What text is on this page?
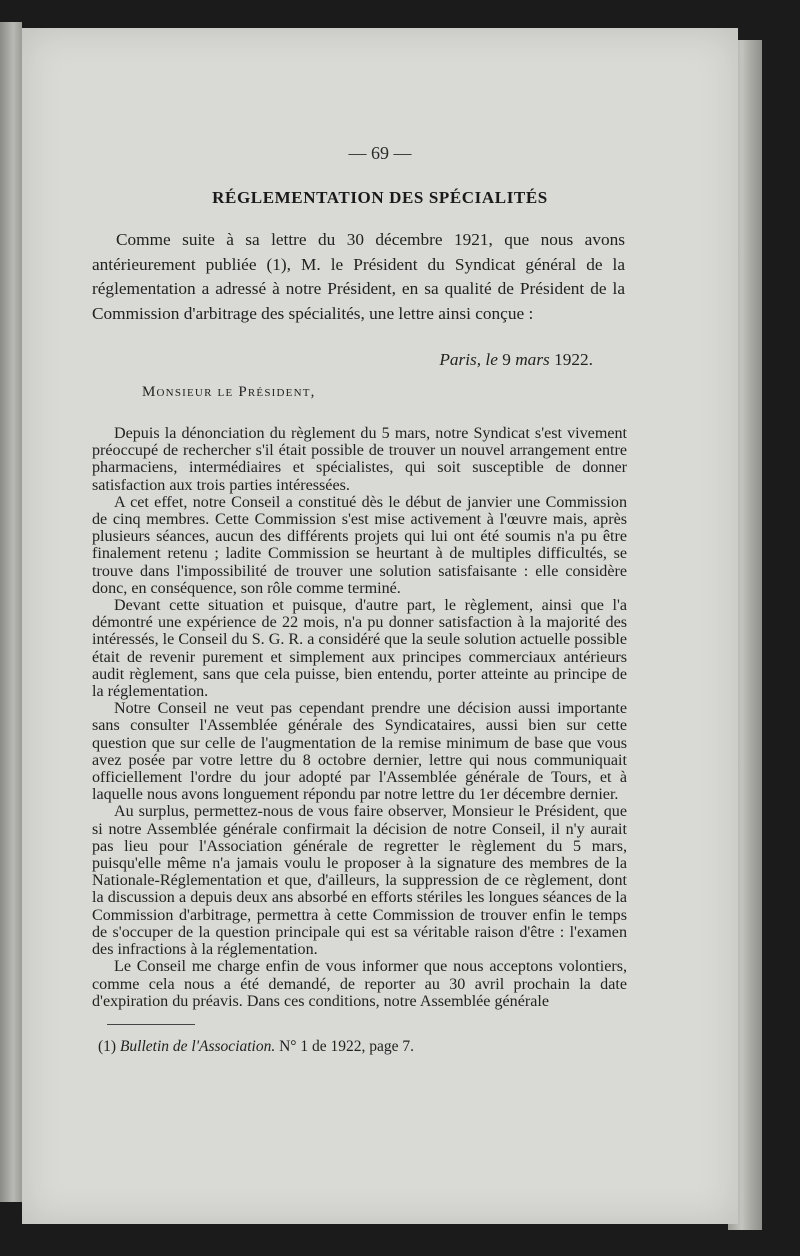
— 69 —
RÉGLEMENTATION DES SPÉCIALITÉS

Comme suite à sa lettre du 30 décembre 1921, que nous avons antérieurement publiée (1), M. le Président du Syndicat général de la réglementation a adressé à notre Président, en sa qualité de Président de la Commission d'arbitrage des spécialités, une lettre ainsi conçue :

Paris, le 9 mars 1922.
Monsieur le Président,

Depuis la dénonciation du règlement du 5 mars, notre Syndicat s'est vivement préoccupé de rechercher s'il était possible de trouver un nouvel arrangement entre pharmaciens, intermédiaires et spécialistes, qui soit susceptible de donner satisfaction aux trois parties intéressées.

A cet effet, notre Conseil a constitué dès le début de janvier une Commission de cinq membres. Cette Commission s'est mise activement à l'œuvre mais, après plusieurs séances, aucun des différents projets qui lui ont été soumis n'a pu être finalement retenu ; ladite Commission se heurtant à de multiples difficultés, se trouve dans l'impossibilité de trouver une solution satisfaisante : elle considère donc, en conséquence, son rôle comme terminé.

Devant cette situation et puisque, d'autre part, le règlement, ainsi que l'a démontré une expérience de 22 mois, n'a pu donner satisfaction à la majorité des intéressés, le Conseil du S. G. R. a considéré que la seule solution actuelle possible était de revenir purement et simplement aux principes commerciaux antérieurs audit règlement, sans que cela puisse, bien entendu, porter atteinte au principe de la réglementation.

Notre Conseil ne veut pas cependant prendre une décision aussi importante sans consulter l'Assemblée générale des Syndicataires, aussi bien sur cette question que sur celle de l'augmentation de la remise minimum de base que vous avez posée par votre lettre du 8 octobre dernier, lettre qui nous communiquait officiellement l'ordre du jour adopté par l'Assemblée générale de Tours, et à laquelle nous avons longuement répondu par notre lettre du 1er décembre dernier.

Au surplus, permettez-nous de vous faire observer, Monsieur le Président, que si notre Assemblée générale confirmait la décision de notre Conseil, il n'y aurait pas lieu pour l'Association générale de regretter le règlement du 5 mars, puisqu'elle même n'a jamais voulu le proposer à la signature des membres de la Nationale-Réglementation et que, d'ailleurs, la suppression de ce règlement, dont la discussion a depuis deux ans absorbé en efforts stériles les longues séances de la Commission d'arbitrage, permettra à cette Commission de trouver enfin le temps de s'occuper de la question principale qui est sa véritable raison d'être : l'examen des infractions à la réglementation.

Le Conseil me charge enfin de vous informer que nous acceptons volontiers, comme cela nous a été demandé, de reporter au 30 avril prochain la date d'expiration du préavis. Dans ces conditions, notre Assemblée générale

(1) Bulletin de l'Association. N° 1 de 1922, page 7.
